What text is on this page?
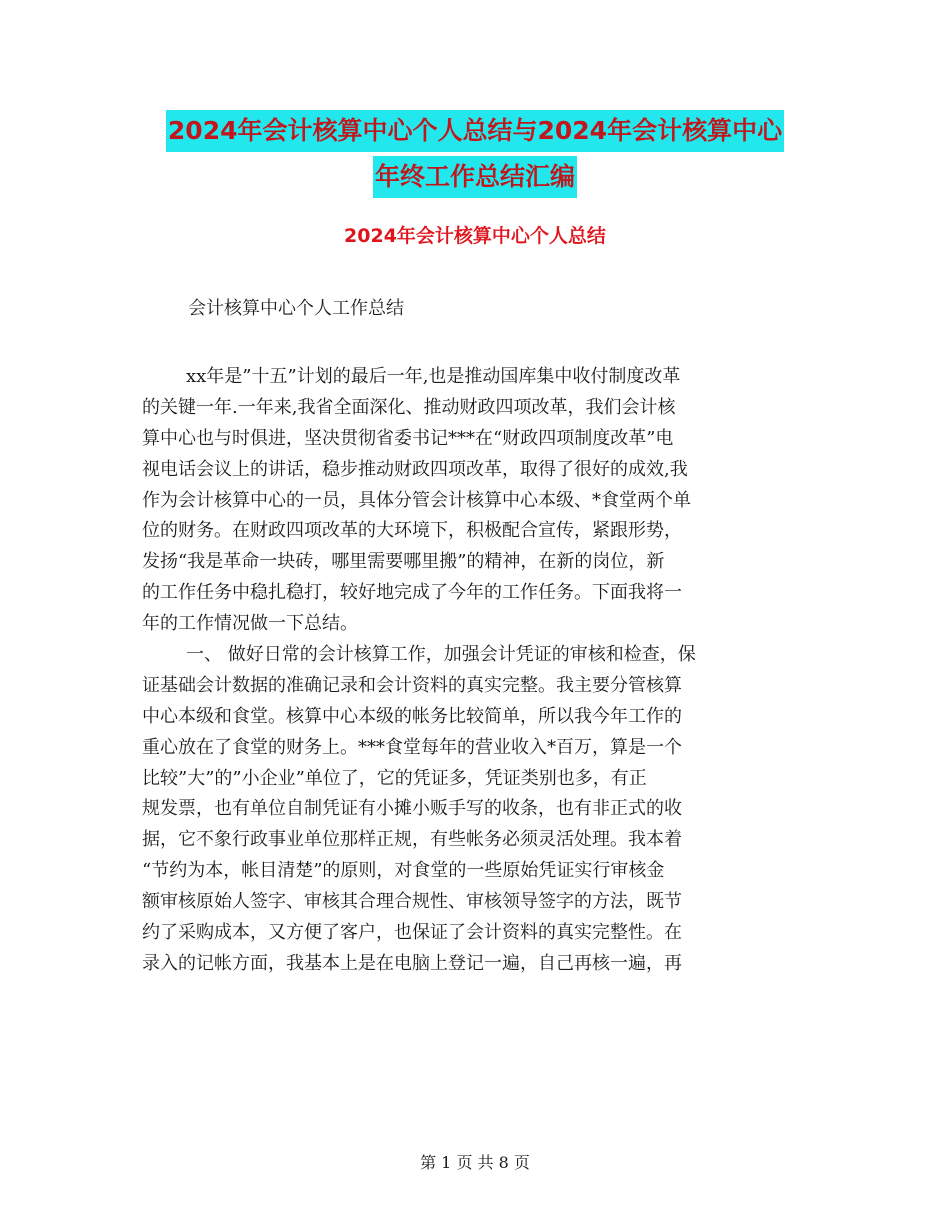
2024年会计核算中心个人总结与2024年会计核算中心
年终工作总结汇编
2024年会计核算中心个人总结
会计核算中心个人工作总结
xx年是”十五”计划的最后一年,也是推动国库集中收付制度改革
的关键一年.一年来,我省全面深化、推动财政四项改革，我们会计核
算中心也与时俱进，坚决贯彻省委书记***在“财政四项制度改革”电
视电话会议上的讲话，稳步推动财政四项改革，取得了很好的成效,我
作为会计核算中心的一员，具体分管会计核算中心本级、*食堂两个单
位的财务。在财政四项改革的大环境下，积极配合宣传，紧跟形势，
发扬“我是革命一块砖，哪里需要哪里搬”的精神，在新的岗位，新
的工作任务中稳扎稳打，较好地完成了今年的工作任务。下面我将一
年的工作情况做一下总结。
一、 做好日常的会计核算工作，加强会计凭证的审核和检查，保
证基础会计数据的准确记录和会计资料的真实完整。我主要分管核算
中心本级和食堂。核算中心本级的帐务比较简单，所以我今年工作的
重心放在了食堂的财务上。***食堂每年的营业收入*百万，算是一个
比较”大”的”小企业”单位了，它的凭证多，凭证类别也多，有正
规发票，也有单位自制凭证有小摊小贩手写的收条，也有非正式的收
据，它不象行政事业单位那样正规，有些帐务必须灵活处理。我本着
“节约为本，帐目清楚”的原则，对食堂的一些原始凭证实行审核金
额审核原始人签字、审核其合理合规性、审核领导签字的方法，既节
约了采购成本，又方便了客户，也保证了会计资料的真实完整性。在
录入的记帐方面，我基本上是在电脑上登记一遍，自己再核一遍，再
第 1 页 共 8 页
